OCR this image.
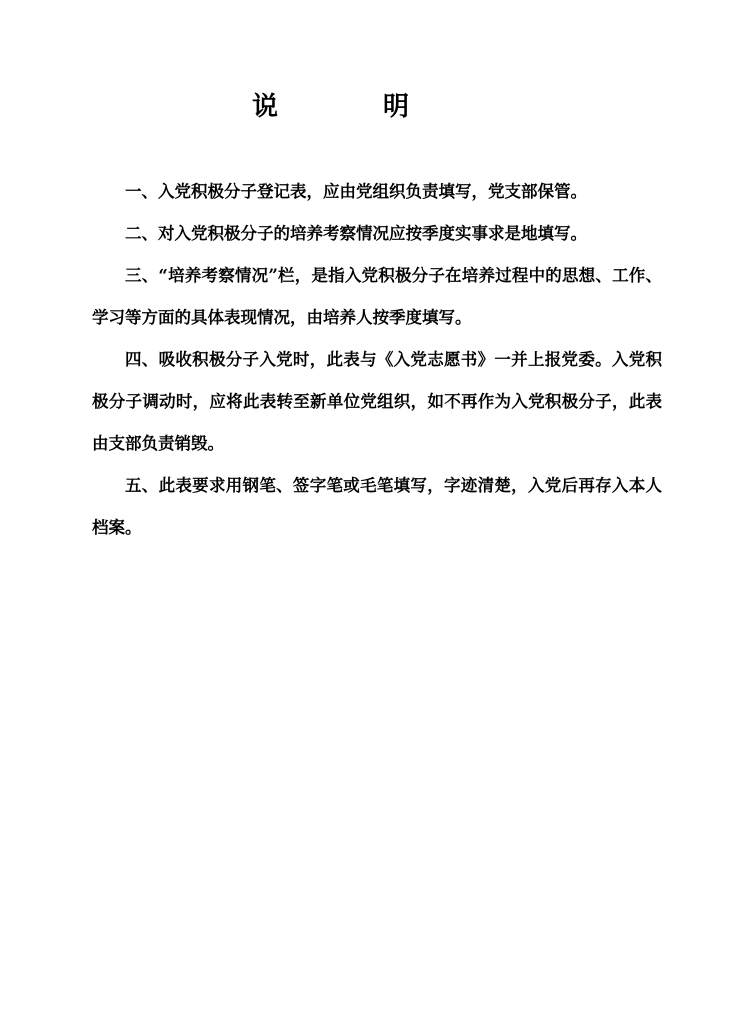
说	明

一、入党积极分子登记表，应由党组织负责填写，党支部保管。

二、对入党积极分子的培养考察情况应按季度实事求是地填写。

三、“培养考察情况”栏，是指入党积极分子在培养过程中的思想、工作、学习等方面的具体表现情况，由培养人按季度填写。

四、吸收积极分子入党时，此表与《入党志愿书》一并上报党委。入党积极分子调动时，应将此表转至新单位党组织，如不再作为入党积极分子，此表由支部负责销毁。

五、此表要求用钢笔、签字笔或毛笔填写，字迹清楚，入党后再存入本人档案。
